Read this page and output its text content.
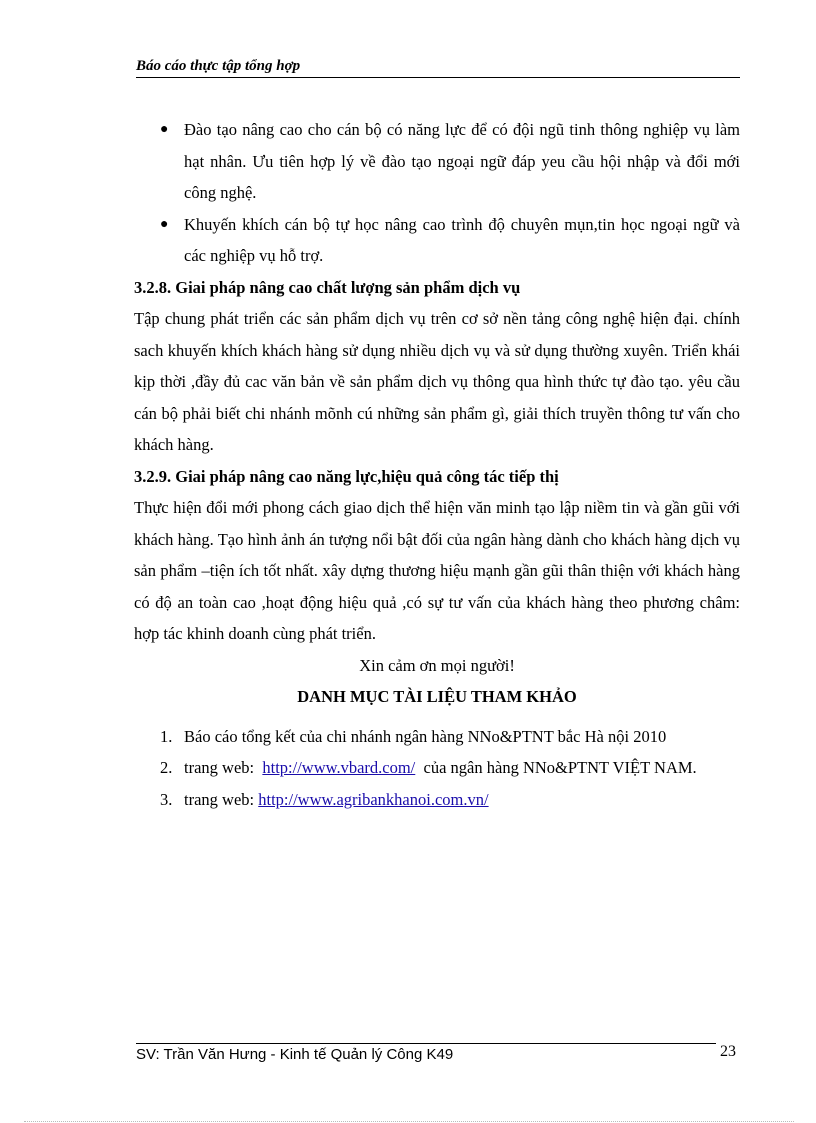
Báo cáo thực tập tổng hợp
● Đào tạo nâng cao cho cán bộ có năng lực để có đội ngũ tinh thông nghiệp vụ làm hạt nhân. Ưu tiên hợp lý về đào tạo ngoại ngữ đáp yeu cầu hội nhập và đổi mới công nghệ.
● Khuyến khích cán bộ tự học nâng cao trình độ chuyên mụn,tin học ngoại ngữ và các nghiệp vụ hỗ trợ.

3.2.8. Giai pháp nâng cao chất lượng sản phẩm dịch vụ

Tập chung phát triển các sản phẩm dịch vụ trên cơ sở nền tảng công nghệ hiện đại. chính sach khuyến khích khách hàng sử dụng nhiều dịch vụ và sử dụng thường xuyên. Triển khái kịp thời ,đầy đủ cac văn bản về sản phẩm dịch vụ thông qua hình thức tự đào tạo. yêu cầu cán bộ phải biết chi nhánh mõnh cú những sản phẩm gì, giải thích truyền thông tư vấn cho khách hàng.

3.2.9. Giai pháp nâng cao năng lực,hiệu quả công tác tiếp thị

Thực hiện đổi mới phong cách giao dịch thể hiện văn minh tạo lập niềm tin và gần gũi với khách hàng. Tạo hình ảnh án tượng nổi bật đối của ngân hàng dành cho khách hàng dịch vụ sản phẩm –tiện ích tốt nhất. xây dựng thương hiệu mạnh gần gũi thân thiện với khách hàng có độ an toàn cao ,hoạt động hiệu quả ,có sự tư vấn của khách hàng theo phương châm: hợp tác khinh doanh cùng phát triển.

Xin cảm ơn mọi người!

DANH MỤC TÀI LIỆU THAM KHẢO

1. Báo cáo tổng kết của chi nhánh ngân hàng NNo&PTNT bắc Hà nội 2010
2. trang web:  http://www.vbard.com/  của ngân hàng NNo&PTNT VIỆT NAM.
3. trang web: http://www.agribankhanoi.com.vn/
SV: Trần Văn Hưng - Kinh tế Quản lý Công K49	23
